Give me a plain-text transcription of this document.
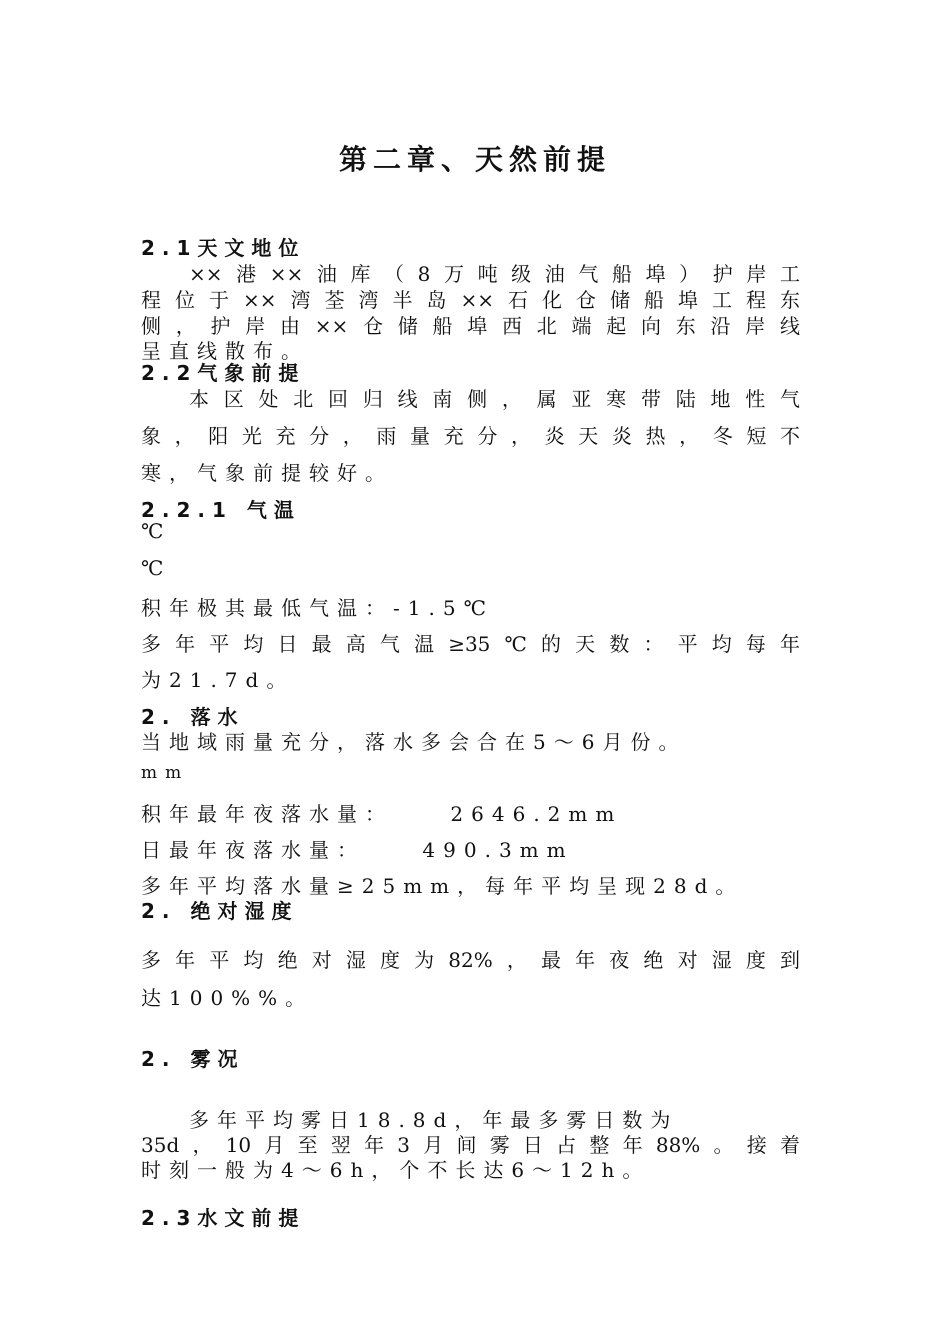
第二章、天然前提
2.1天文地位
××港××油库（8万吨级油气船埠）护岸工
程位于××湾荃湾半岛××石化仓储船埠工程东
侧，护岸由××仓储船埠西北端起向东沿岸线
呈直线散布。
2.2气象前提
本区处北回归线南侧，属亚寒带陆地性气
象，阳光充分，雨量充分，炎天炎热，冬短不
寒，气象前提较好。
2.2.1 气温
℃
℃
积年极其最低气温：-1.5℃
多年平均日最高气温≥35℃的天数：平均每年
为21.7d。
2. 落水
当地域雨量充分，落水多会合在5～6月份。
mm
积年最年夜落水量：    2646.2mm
日最年夜落水量：    490.3mm
多年平均落水量≥25mm，每年平均呈现28d。
2. 绝对湿度
多年平均绝对湿度为82%，最年夜绝对湿度到
达100%%。
2. 雾况
多年平均雾日18.8d，年最多雾日数为
35d，10月至翌年3月间雾日占整年88%。接着
时刻一般为4～6h，个不长达6～12h。
2.3水文前提
